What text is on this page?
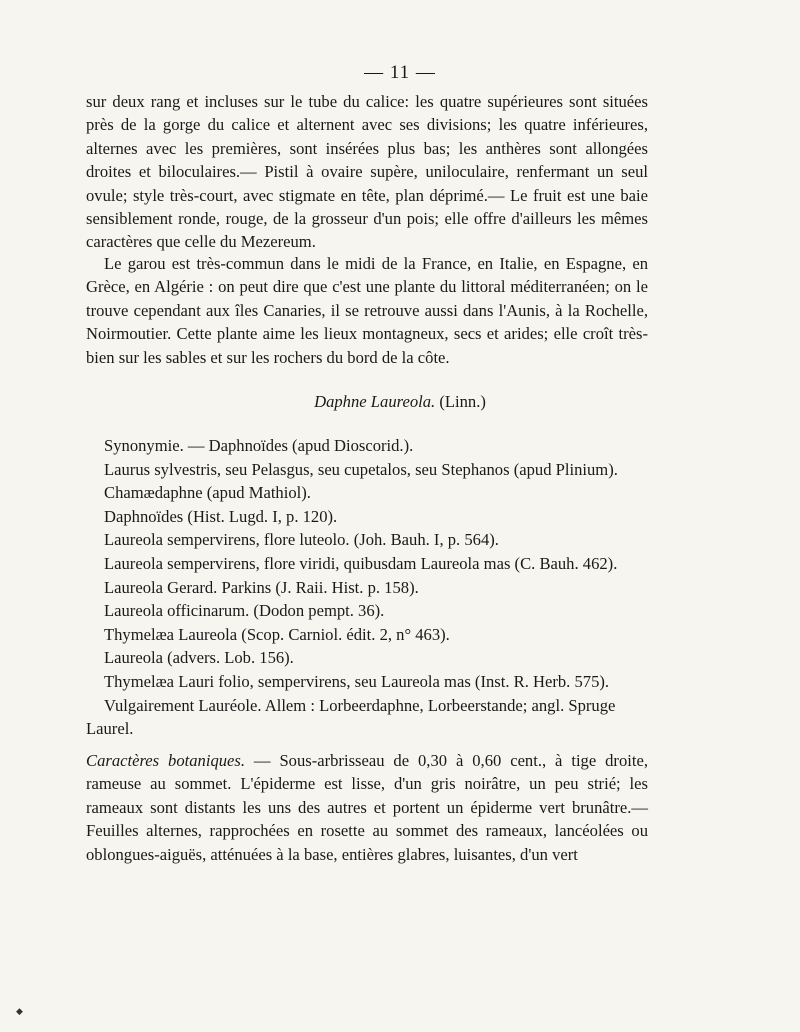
— 11 —

sur deux rang et incluses sur le tube du calice: les quatre supérieures sont situées près de la gorge du calice et alternent avec ses divisions; les quatre inférieures, alternes avec les premières, sont insérées plus bas; les anthères sont allongées droites et biloculaires.— Pistil à ovaire supère, uniloculaire, renfermant un seul ovule; style très-court, avec stigmate en tête, plan déprimé.— Le fruit est une baie sensiblement ronde, rouge, de la grosseur d'un pois; elle offre d'ailleurs les mêmes caractères que celle du Mezereum.

Le garou est très-commun dans le midi de la France, en Italie, en Espagne, en Grèce, en Algérie : on peut dire que c'est une plante du littoral méditerranéen; on le trouve cependant aux îles Canaries, il se retrouve aussi dans l'Aunis, à la Rochelle, Noirmoutier. Cette plante aime les lieux montagneux, secs et arides; elle croît très-bien sur les sables et sur les rochers du bord de la côte.

Daphne Laureola. (Linn.)
Synonymie. — Daphnoïdes (apud Dioscorid.).
Laurus sylvestris, seu Pelasgus, seu cupetalos, seu Stephanos (apud Plinium).
Chamædaphne (apud Mathiol).
Daphnoïdes (Hist. Lugd. I, p. 120).
Laureola sempervirens, flore luteolo. (Joh. Bauh. I, p. 564).
Laureola sempervirens, flore viridi, quibusdam Laureola mas (C. Bauh. 462).
Laureola Gerard. Parkins (J. Raii. Hist. p. 158).
Laureola officinarum. (Dodon pempt. 36).
Thymelæa Laureola (Scop. Carniol. édit. 2, n° 463).
Laureola (advers. Lob. 156).
Thymelæa Lauri folio, sempervirens, seu Laureola mas (Inst. R. Herb. 575).
Vulgairement Lauréole. Allem : Lorbeerdaphne, Lorbeerstande; angl. Spruge
Laurel.

Caractères botaniques. — Sous-arbrisseau de 0,30 à 0,60 cent., à tige droite, rameuse au sommet. L'épiderme est lisse, d'un gris noirâtre, un peu strié; les rameaux sont distants les uns des autres et portent un épiderme vert brunâtre.— Feuilles alternes, rapprochées en rosette au sommet des rameaux, lancéolées ou oblongues-aiguës, atténuées à la base, entières glabres, luisantes, d'un vert

◆
